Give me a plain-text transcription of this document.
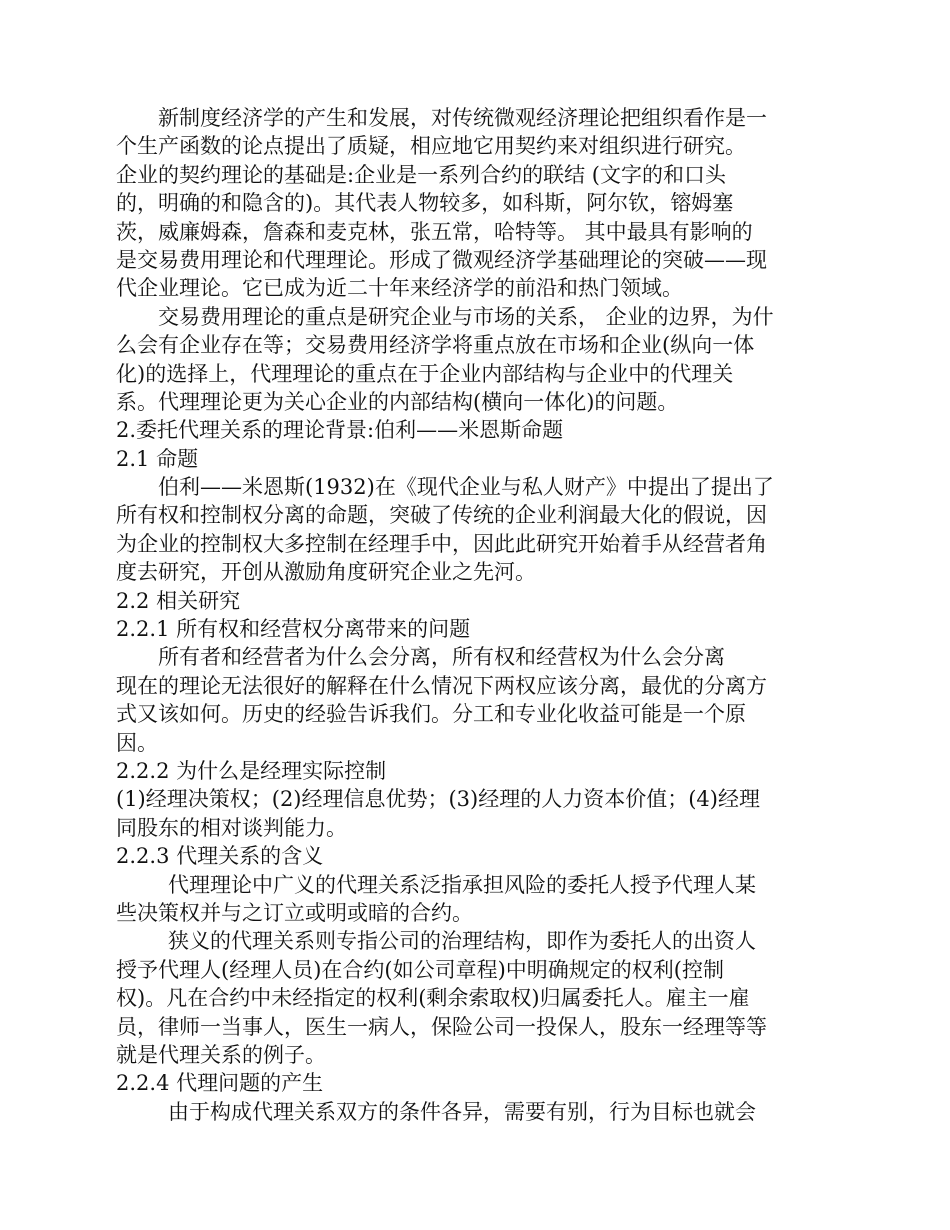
新制度经济学的产生和发展，对传统微观经济理论把组织看作是一
个生产函数的论点提出了质疑，相应地它用契约来对组织进行研究。
企业的契约理论的基础是:企业是一系列合约的联结 (文字的和口头
的，明确的和隐含的)。其代表人物较多，如科斯，阿尔钦，镕姆塞
茨，威廉姆森，詹森和麦克林，张五常，哈特等。 其中最具有影响的
是交易费用理论和代理理论。形成了微观经济学基础理论的突破——现
代企业理论。它已成为近二十年来经济学的前沿和热门领域。
交易费用理论的重点是研究企业与市场的关系， 企业的边界，为什
么会有企业存在等；交易费用经济学将重点放在市场和企业(纵向一体
化)的选择上，代理理论的重点在于企业内部结构与企业中的代理关
系。代理理论更为关心企业的内部结构(横向一体化)的问题。
2.委托代理关系的理论背景:伯利——米恩斯命题
2.1 命题
伯利——米恩斯(1932)在《现代企业与私人财产》中提出了提出了
所有权和控制权分离的命题，突破了传统的企业利润最大化的假说，因
为企业的控制权大多控制在经理手中，因此此研究开始着手从经营者角
度去研究，开创从激励角度研究企业之先河。
2.2 相关研究
2.2.1 所有权和经营权分离带来的问题
所有者和经营者为什么会分离，所有权和经营权为什么会分离
现在的理论无法很好的解释在什么情况下两权应该分离，最优的分离方
式又该如何。历史的经验告诉我们。分工和专业化收益可能是一个原
因。
2.2.2 为什么是经理实际控制
(1)经理决策权；(2)经理信息优势；(3)经理的人力资本价值；(4)经理
同股东的相对谈判能力。
2.2.3 代理关系的含义
代理理论中广义的代理关系泛指承担风险的委托人授予代理人某
些决策权并与之订立或明或暗的合约。
狭义的代理关系则专指公司的治理结构，即作为委托人的出资人
授予代理人(经理人员)在合约(如公司章程)中明确规定的权利(控制
权)。凡在合约中未经指定的权利(剩余索取权)归属委托人。雇主一雇
员，律师一当事人，医生一病人，保险公司一投保人，股东一经理等等
就是代理关系的例子。
2.2.4 代理问题的产生
由于构成代理关系双方的条件各异，需要有别，行为目标也就会
